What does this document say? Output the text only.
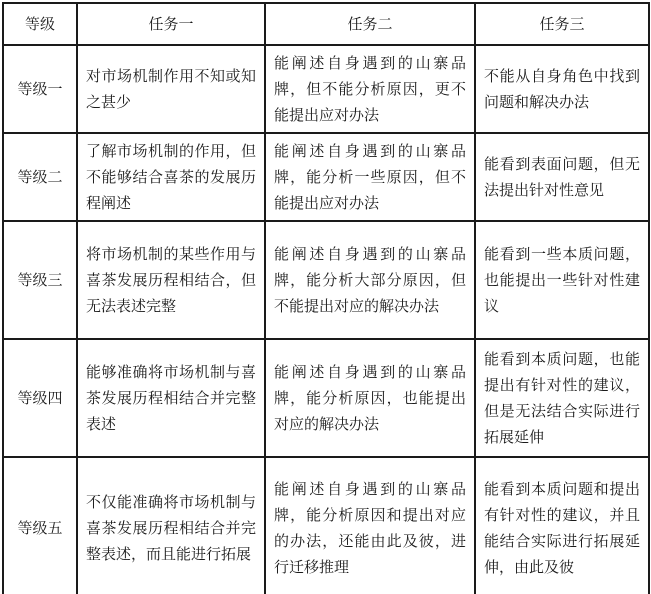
等级	任务一	任务二	任务三
等级一	对市场机制作用不知或知之甚少	能阐述自身遇到的山寨品牌，但不能分析原因，更不能提出应对办法	不能从自身角色中找到问题和解决办法
等级二	了解市场机制的作用，但不能够结合喜茶的发展历程阐述	能阐述自身遇到的山寨品牌，能分析一些原因，但不能提出应对办法	能看到表面问题，但无法提出针对性意见
等级三	将市场机制的某些作用与喜茶发展历程相结合，但无法表述完整	能阐述自身遇到的山寨品牌，能分析大部分原因，但不能提出对应的解决办法	能看到一些本质问题，也能提出一些针对性建议
等级四	能够准确将市场机制与喜茶发展历程相结合并完整表述	能阐述自身遇到的山寨品牌，能分析原因，也能提出对应的解决办法	能看到本质问题，也能提出有针对性的建议，但是无法结合实际进行拓展延伸
等级五	不仅能准确将市场机制与喜茶发展历程相结合并完整表述，而且能进行拓展	能阐述自身遇到的山寨品牌，能分析原因和提出对应的办法，还能由此及彼，进行迁移推理	能看到本质问题和提出有针对性的建议，并且能结合实际进行拓展延伸，由此及彼
